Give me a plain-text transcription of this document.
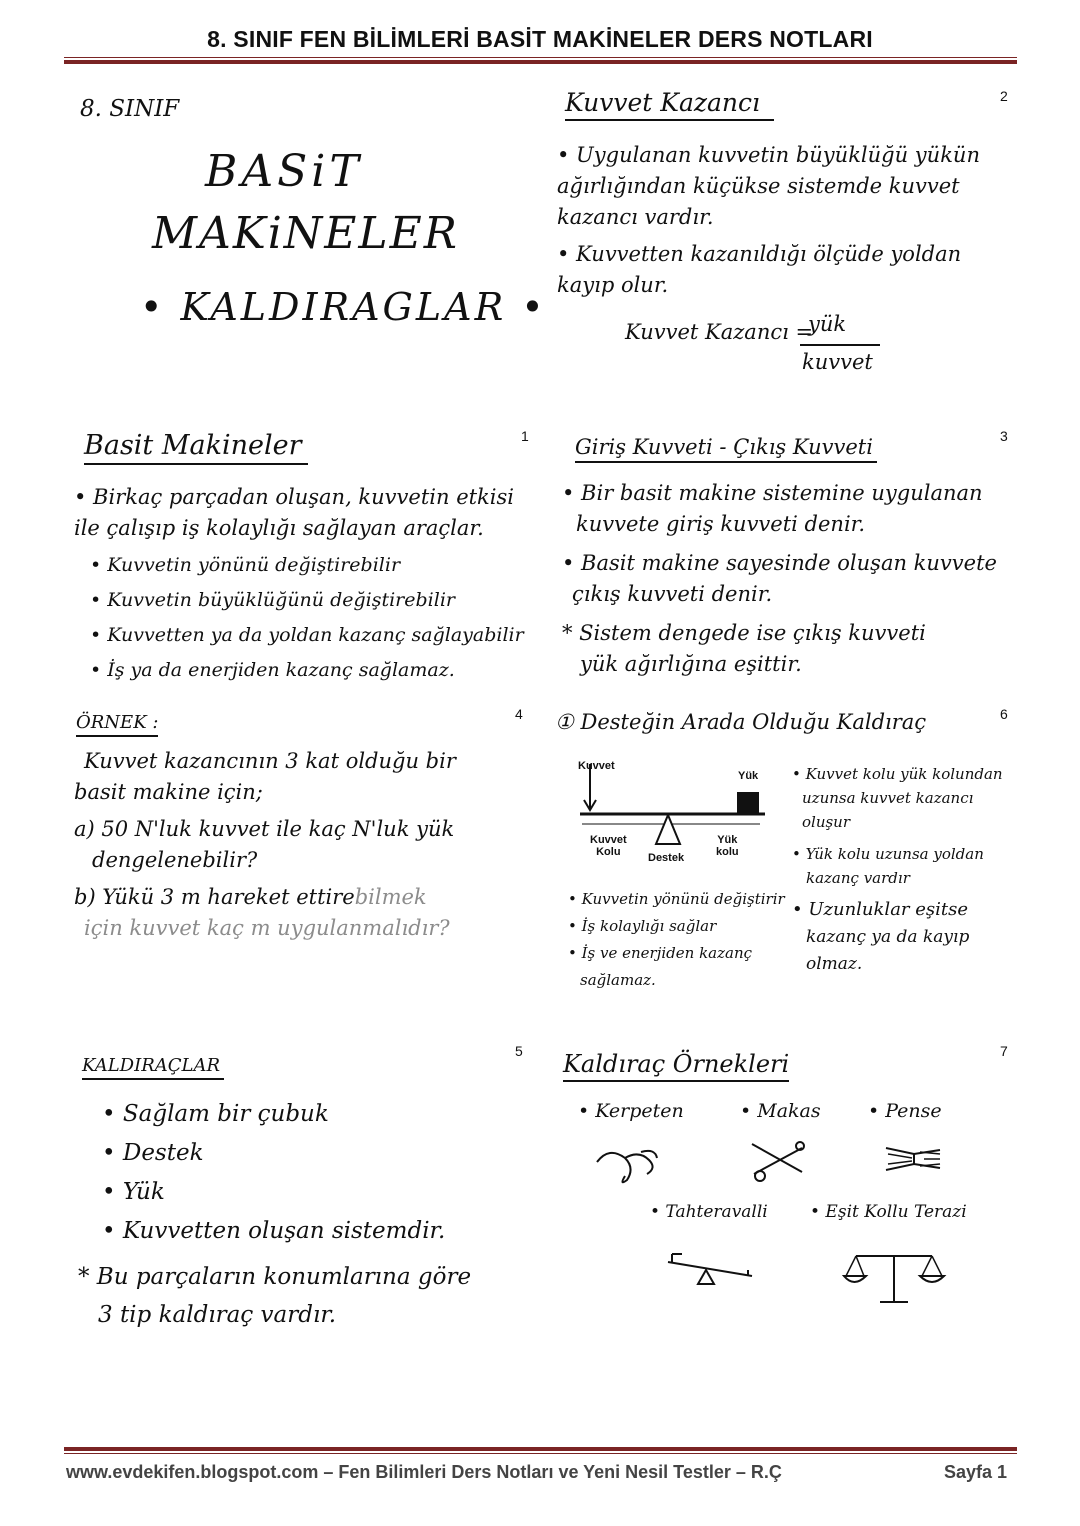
8. SINIF FEN BİLİMLERİ BASİT MAKİNELER DERS NOTLARI
8. SINIF
BASiT
MAKiNELER
• KALDIRAGLAR •
2
Kuvvet Kazancı
• Uygulanan kuvvetin büyüklüğü yükün
ağırlığından küçükse sistemde kuvvet
kazancı vardır.
• Kuvvetten kazanıldığı ölçüde yoldan
kayıp olur.
Kuvvet Kazancı =
yük
kuvvet
1
Basit Makineler
• Birkaç parçadan oluşan, kuvvetin etkisi
ile çalışıp iş kolaylığı sağlayan araçlar.
• Kuvvetin yönünü değiştirebilir
• Kuvvetin büyüklüğünü değiştirebilir
• Kuvvetten ya da yoldan kazanç sağlayabilir
• İş ya da enerjiden kazanç sağlamaz.
3
Giriş Kuvveti - Çıkış Kuvveti
• Bir basit makine sistemine uygulanan
kuvvete giriş kuvveti denir.
• Basit makine sayesinde oluşan kuvvete
çıkış kuvveti denir.
* Sistem dengede ise çıkış kuvveti
yük ağırlığına eşittir.
4
ÖRNEK :
Kuvvet kazancının 3 kat olduğu bir
basit makine için;
a) 50 N'luk kuvvet ile kaç N'luk yük
dengelenebilir?
b) Yükü 3 m hareket ettirebilmek
için kuvvet kaç m uygulanmalıdır?
6
① Desteğin Arada Olduğu Kaldıraç
Kuvvet
Yük
Kuvvet
Kolu	Destek
Yük
kolu
• Kuvvetin yönünü değiştirir
• İş kolaylığı sağlar
• İş ve enerjiden kazanç
sağlamaz.
• Kuvvet kolu yük kolundan
uzunsa kuvvet kazancı
oluşur
• Yük kolu uzunsa yoldan
kazanç vardır
• Uzunluklar eşitse
kazanç ya da kayıp
olmaz.
5
KALDIRAÇLAR
• Sağlam bir çubuk
• Destek
• Yük
• Kuvvetten oluşan sistemdir.
* Bu parçaların konumlarına göre
3 tip kaldıraç vardır.
7
Kaldıraç Örnekleri
• Kerpeten	• Makas • Pense
• Tahteravalli • Eşit Kollu Terazi
www.evdekifen.blogspot.com – Fen Bilimleri Ders Notları ve Yeni Nesil Testler – R.Ç	Sayfa 1
